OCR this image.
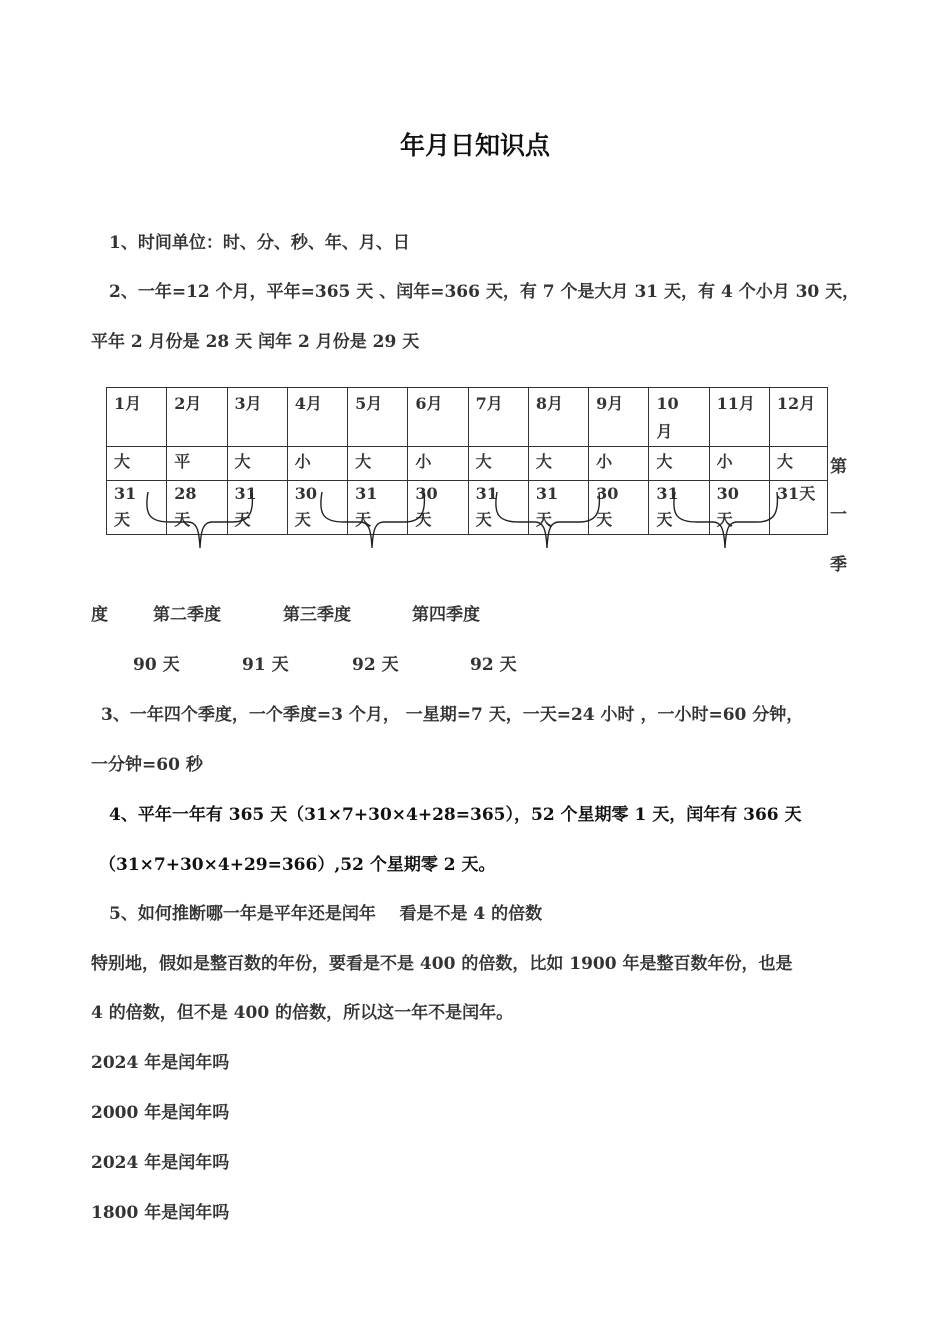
年月日知识点
1、时间单位：时、分、秒、年、月、日
2、一年=12 个月，平年=365 天 、闰年=366 天，有 7 个是大月 31 天，有 4 个小月 30 天，
平年 2 月份是 28 天 闰年 2 月份是 29 天
1月	2月	3月	4月	5月	6月	7月	8月	9月	10月	11月	12月
大	平	大	小	大	小	大	大	小	大	小	大
31天	28天	31天	30天	31天	30天	31天	31天	30天	31天	30天	31天
第
一
季
度	第二季度	第三季度	第四季度
90 天	91 天	92 天	92 天
3、一年四个季度，一个季度=3 个月， 一星期=7 天，一天=24 小时 ，一小时=60 分钟，
一分钟=60 秒
4、平年一年有 365 天（31×7+30×4+28=365），52 个星期零 1 天，闰年有 366 天
（31×7+30×4+29=366）,52 个星期零 2 天。
5、如何推断哪一年是平年还是闰年    看是不是 4 的倍数
特别地，假如是整百数的年份，要看是不是 400 的倍数，比如 1900 年是整百数年份，也是
4 的倍数，但不是 400 的倍数，所以这一年不是闰年。
2024 年是闰年吗
2000 年是闰年吗
2024 年是闰年吗
1800 年是闰年吗
